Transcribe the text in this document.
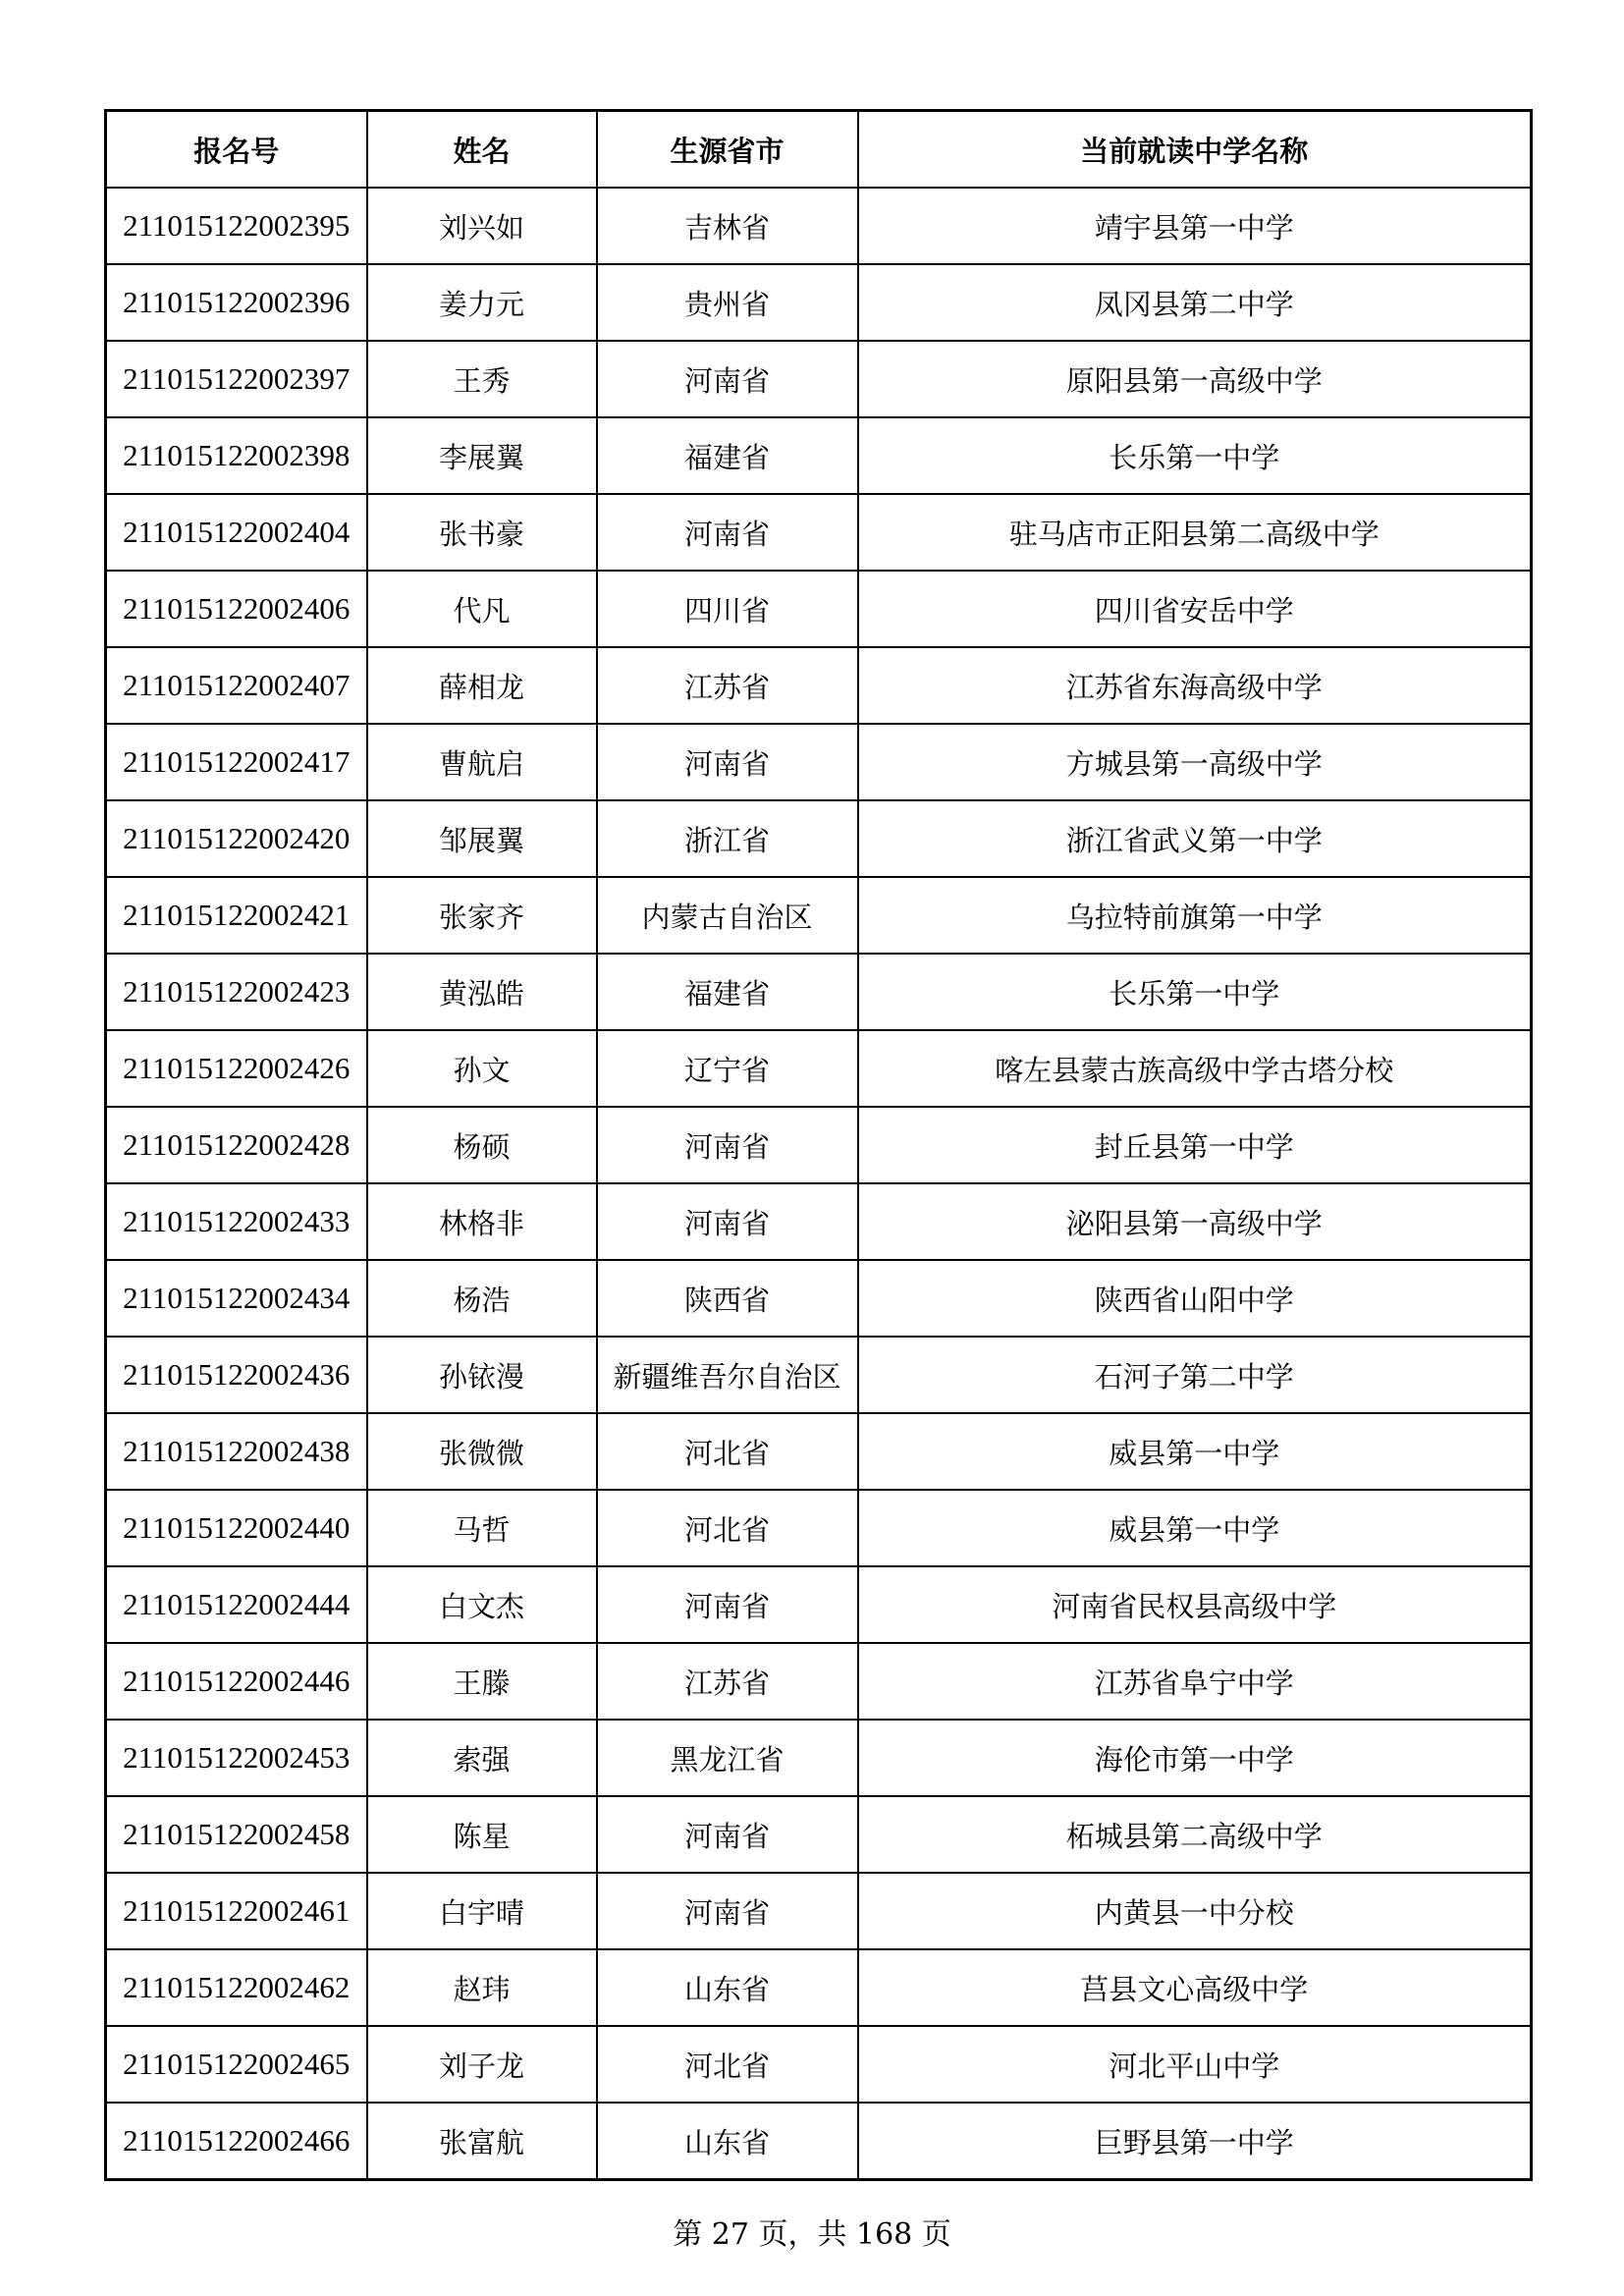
报名号	姓名	生源省市	当前就读中学名称
211015122002395	刘兴如	吉林省	靖宇县第一中学
211015122002396	姜力元	贵州省	凤冈县第二中学
211015122002397	王秀	河南省	原阳县第一高级中学
211015122002398	李展翼	福建省	长乐第一中学
211015122002404	张书豪	河南省	驻马店市正阳县第二高级中学
211015122002406	代凡	四川省	四川省安岳中学
211015122002407	薛相龙	江苏省	江苏省东海高级中学
211015122002417	曹航启	河南省	方城县第一高级中学
211015122002420	邹展翼	浙江省	浙江省武义第一中学
211015122002421	张家齐	内蒙古自治区	乌拉特前旗第一中学
211015122002423	黄泓皓	福建省	长乐第一中学
211015122002426	孙文	辽宁省	喀左县蒙古族高级中学古塔分校
211015122002428	杨硕	河南省	封丘县第一中学
211015122002433	林格非	河南省	泌阳县第一高级中学
211015122002434	杨浩	陕西省	陕西省山阳中学
211015122002436	孙铱漫	新疆维吾尔自治区	石河子第二中学
211015122002438	张微微	河北省	威县第一中学
211015122002440	马哲	河北省	威县第一中学
211015122002444	白文杰	河南省	河南省民权县高级中学
211015122002446	王滕	江苏省	江苏省阜宁中学
211015122002453	索强	黑龙江省	海伦市第一中学
211015122002458	陈星	河南省	柘城县第二高级中学
211015122002461	白宇晴	河南省	内黄县一中分校
211015122002462	赵玮	山东省	莒县文心高级中学
211015122002465	刘子龙	河北省	河北平山中学
211015122002466	张富航	山东省	巨野县第一中学
第 27 页，共 168 页
